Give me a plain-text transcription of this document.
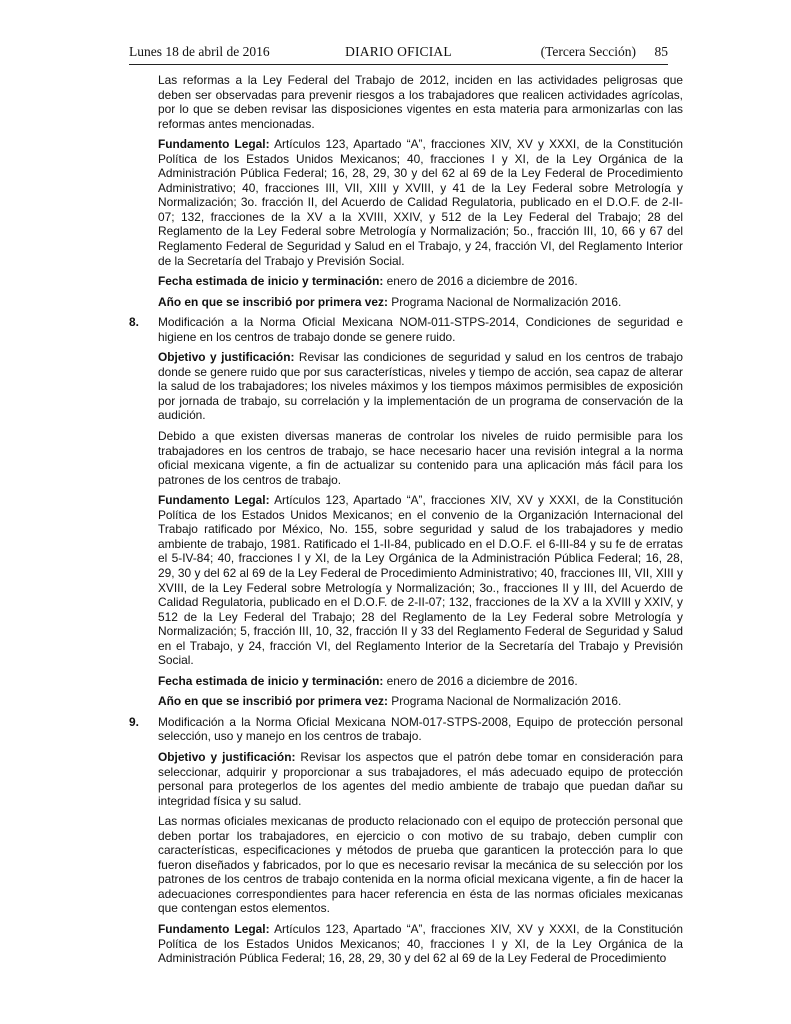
Lunes 18 de abril de 2016	DIARIO OFICIAL	(Tercera Sección) 85

Las reformas a la Ley Federal del Trabajo de 2012, inciden en las actividades peligrosas que deben ser observadas para prevenir riesgos a los trabajadores que realicen actividades agrícolas, por lo que se deben revisar las disposiciones vigentes en esta materia para armonizarlas con las reformas antes mencionadas.

Fundamento Legal: Artículos 123, Apartado “A”, fracciones XIV, XV y XXXI, de la Constitución Política de los Estados Unidos Mexicanos; 40, fracciones I y XI, de la Ley Orgánica de la Administración Pública Federal; 16, 28, 29, 30 y del 62 al 69 de la Ley Federal de Procedimiento Administrativo; 40, fracciones III, VII, XIII y XVIII, y 41 de la Ley Federal sobre Metrología y Normalización; 3o. fracción II, del Acuerdo de Calidad Regulatoria, publicado en el D.O.F. de 2-II-07; 132, fracciones de la XV a la XVIII, XXIV, y 512 de la Ley Federal del Trabajo; 28 del Reglamento de la Ley Federal sobre Metrología y Normalización; 5o., fracción III, 10, 66 y 67 del Reglamento Federal de Seguridad y Salud en el Trabajo, y 24, fracción VI, del Reglamento Interior de la Secretaría del Trabajo y Previsión Social.

Fecha estimada de inicio y terminación: enero de 2016 a diciembre de 2016.

Año en que se inscribió por primera vez: Programa Nacional de Normalización 2016.

8.	Modificación a la Norma Oficial Mexicana NOM-011-STPS-2014, Condiciones de seguridad e higiene en los centros de trabajo donde se genere ruido.

Objetivo y justificación: Revisar las condiciones de seguridad y salud en los centros de trabajo donde se genere ruido que por sus características, niveles y tiempo de acción, sea capaz de alterar la salud de los trabajadores; los niveles máximos y los tiempos máximos permisibles de exposición por jornada de trabajo, su correlación y la implementación de un programa de conservación de la audición.

Debido a que existen diversas maneras de controlar los niveles de ruido permisible para los trabajadores en los centros de trabajo, se hace necesario hacer una revisión integral a la norma oficial mexicana vigente, a fin de actualizar su contenido para una aplicación más fácil para los patrones de los centros de trabajo.

Fundamento Legal: Artículos 123, Apartado “A”, fracciones XIV, XV y XXXI, de la Constitución Política de los Estados Unidos Mexicanos; en el convenio de la Organización Internacional del Trabajo ratificado por México, No. 155, sobre seguridad y salud de los trabajadores y medio ambiente de trabajo, 1981. Ratificado el 1-II-84, publicado en el D.O.F. el 6-III-84 y su fe de erratas el 5-IV-84; 40, fracciones I y XI, de la Ley Orgánica de la Administración Pública Federal; 16, 28, 29, 30 y del 62 al 69 de la Ley Federal de Procedimiento Administrativo; 40, fracciones III, VII, XIII y XVIII, de la Ley Federal sobre Metrología y Normalización; 3o., fracciones II y III, del Acuerdo de Calidad Regulatoria, publicado en el D.O.F. de 2-II-07; 132, fracciones de la XV a la XVIII y XXIV, y 512 de la Ley Federal del Trabajo; 28 del Reglamento de la Ley Federal sobre Metrología y Normalización; 5, fracción III, 10, 32, fracción II y 33 del Reglamento Federal de Seguridad y Salud en el Trabajo, y 24, fracción VI, del Reglamento Interior de la Secretaría del Trabajo y Previsión Social.

Fecha estimada de inicio y terminación: enero de 2016 a diciembre de 2016.

Año en que se inscribió por primera vez: Programa Nacional de Normalización 2016.

9.	Modificación a la Norma Oficial Mexicana NOM-017-STPS-2008, Equipo de protección personal selección, uso y manejo en los centros de trabajo.

Objetivo y justificación: Revisar los aspectos que el patrón debe tomar en consideración para seleccionar, adquirir y proporcionar a sus trabajadores, el más adecuado equipo de protección personal para protegerlos de los agentes del medio ambiente de trabajo que puedan dañar su integridad física y su salud.

Las normas oficiales mexicanas de producto relacionado con el equipo de protección personal que deben portar los trabajadores, en ejercicio o con motivo de su trabajo, deben cumplir con características, especificaciones y métodos de prueba que garanticen la protección para lo que fueron diseñados y fabricados, por lo que es necesario revisar la mecánica de su selección por los patrones de los centros de trabajo contenida en la norma oficial mexicana vigente, a fin de hacer la adecuaciones correspondientes para hacer referencia en ésta de las normas oficiales mexicanas que contengan estos elementos.

Fundamento Legal: Artículos 123, Apartado “A”, fracciones XIV, XV y XXXI, de la Constitución Política de los Estados Unidos Mexicanos; 40, fracciones I y XI, de la Ley Orgánica de la Administración Pública Federal; 16, 28, 29, 30 y del 62 al 69 de la Ley Federal de Procedimiento
